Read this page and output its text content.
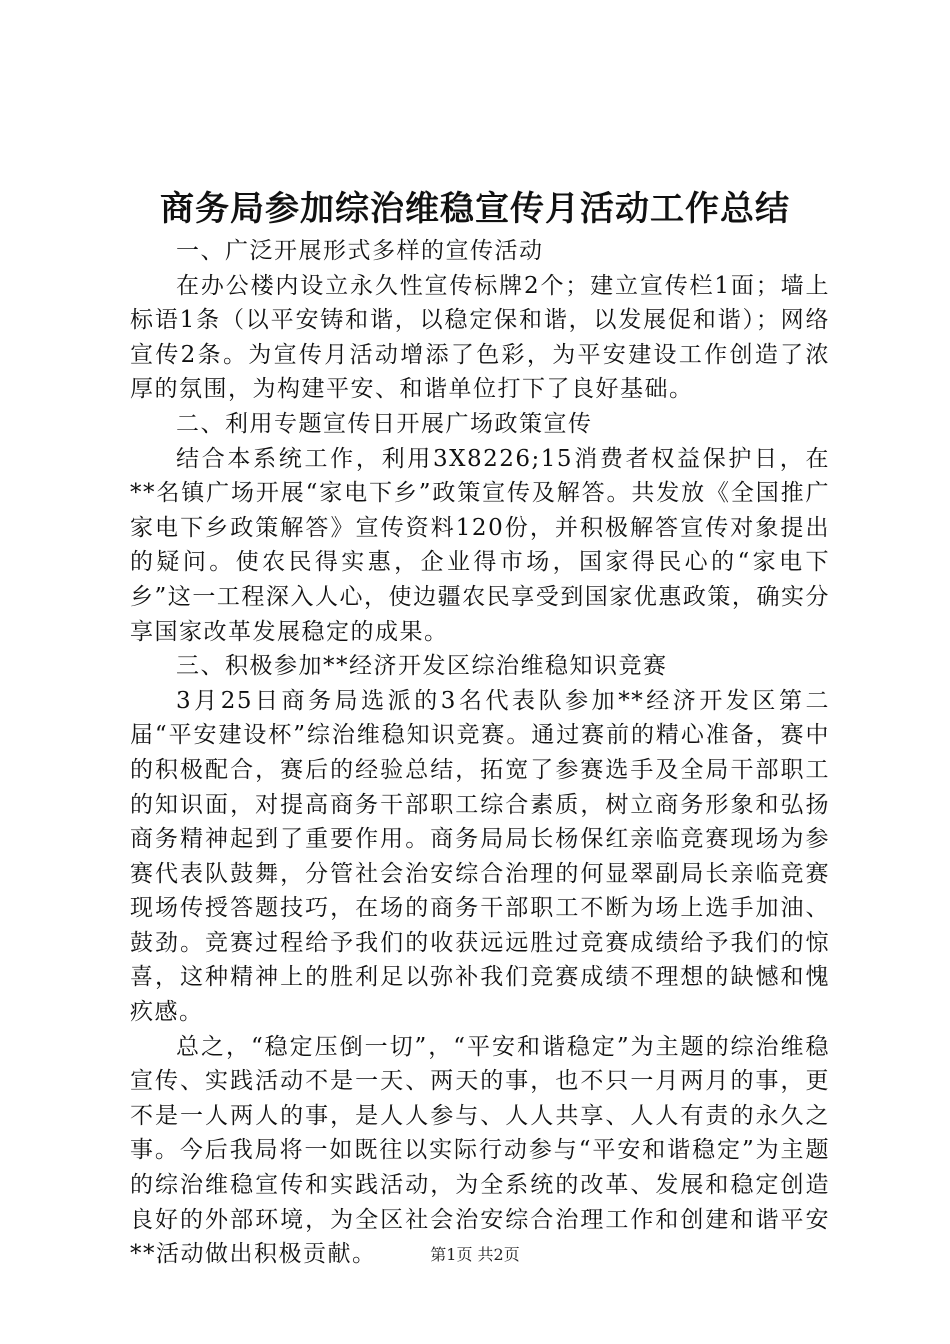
商务局参加综治维稳宣传月活动工作总结

一、广泛开展形式多样的宣传活动

在办公楼内设立永久性宣传标牌2个；建立宣传栏1面；墙上标语1条（以平安铸和谐，以稳定保和谐，以发展促和谐）；网络宣传2条。为宣传月活动增添了色彩，为平安建设工作创造了浓厚的氛围，为构建平安、和谐单位打下了良好基础。

二、利用专题宣传日开展广场政策宣传

结合本系统工作，利用3X8226;15消费者权益保护日，在**名镇广场开展“家电下乡”政策宣传及解答。共发放《全国推广家电下乡政策解答》宣传资料120份，并积极解答宣传对象提出的疑问。使农民得实惠，企业得市场，国家得民心的“家电下乡”这一工程深入人心，使边疆农民享受到国家优惠政策，确实分享国家改革发展稳定的成果。

三、积极参加**经济开发区综治维稳知识竞赛

3月25日商务局选派的3名代表队参加**经济开发区第二届“平安建设杯”综治维稳知识竞赛。通过赛前的精心准备，赛中的积极配合，赛后的经验总结，拓宽了参赛选手及全局干部职工的知识面，对提高商务干部职工综合素质，树立商务形象和弘扬商务精神起到了重要作用。商务局局长杨保红亲临竞赛现场为参赛代表队鼓舞，分管社会治安综合治理的何显翠副局长亲临竞赛现场传授答题技巧，在场的商务干部职工不断为场上选手加油、鼓劲。竞赛过程给予我们的收获远远胜过竞赛成绩给予我们的惊喜，这种精神上的胜利足以弥补我们竞赛成绩不理想的缺憾和愧疚感。

总之，“稳定压倒一切”，“平安和谐稳定”为主题的综治维稳宣传、实践活动不是一天、两天的事，也不只一月两月的事，更不是一人两人的事，是人人参与、人人共享、人人有责的永久之事。今后我局将一如既往以实际行动参与“平安和谐稳定”为主题的综治维稳宣传和实践活动，为全系统的改革、发展和稳定创造良好的外部环境，为全区社会治安综合治理工作和创建和谐平安**活动做出积极贡献。	第1页 共2页
